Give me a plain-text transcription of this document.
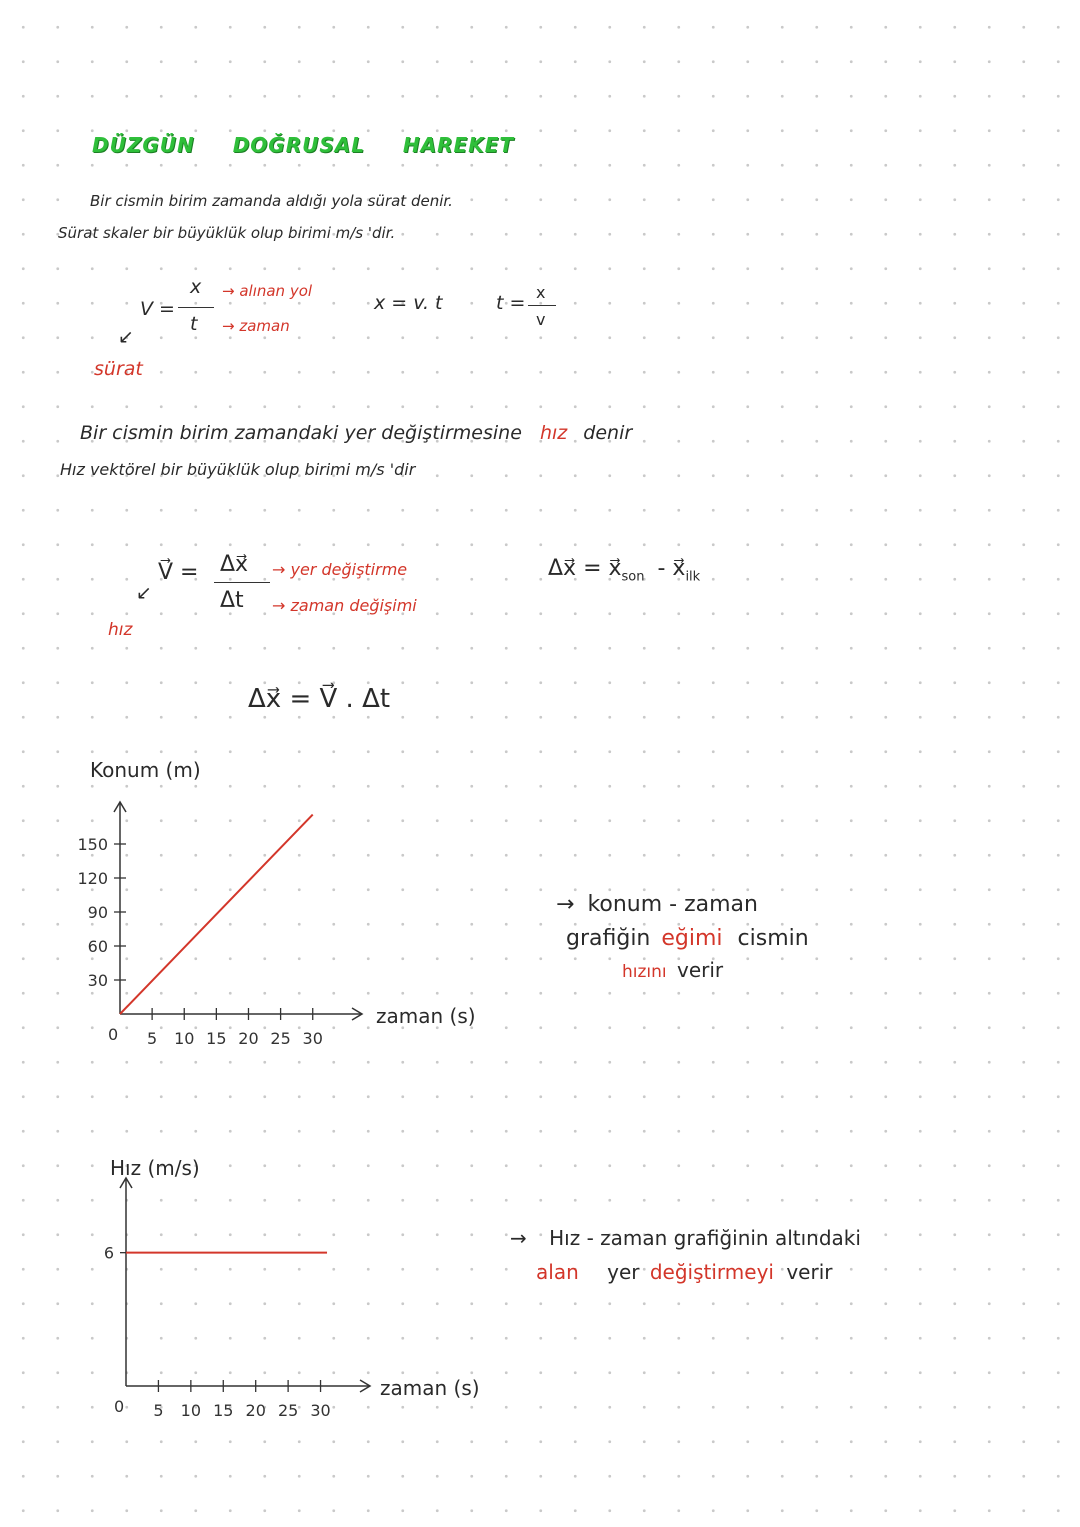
DÜZGÜN DOĞRUSAL HAREKET
Bir cismin birim zamanda aldığı yola sürat denir.
Sürat skaler bir büyüklük olup birimi m/s 'dir.
V =
x
t
→ alınan yol
→ zaman
↙
sürat
x = v. t	t = x
v
Bir cismin birim zamandaki yer değiştirmesine hız denir
Hız vektörel bir büyüklük olup birimi m/s 'dir
V⃗ = Δx⃗
Δt
→ yer değiştirme
→ zaman değişimi
↙
hız
Δx⃗ = $x⃗_{son}$ - $x⃗_{ilk}$
Δx⃗ = V⃗ . Δt
Konum (m)
zaman (s)
0 5 10 15 20 25 30
30
60
90
120
150
→ konum - zaman
grafiğin eğimi cismin
hızını verir
Hız (m/s)
zaman (s)
0 5 10 15 20 25 30
6
→ Hız - zaman grafiğinin altındaki
alan yer değiştirmeyi verir
